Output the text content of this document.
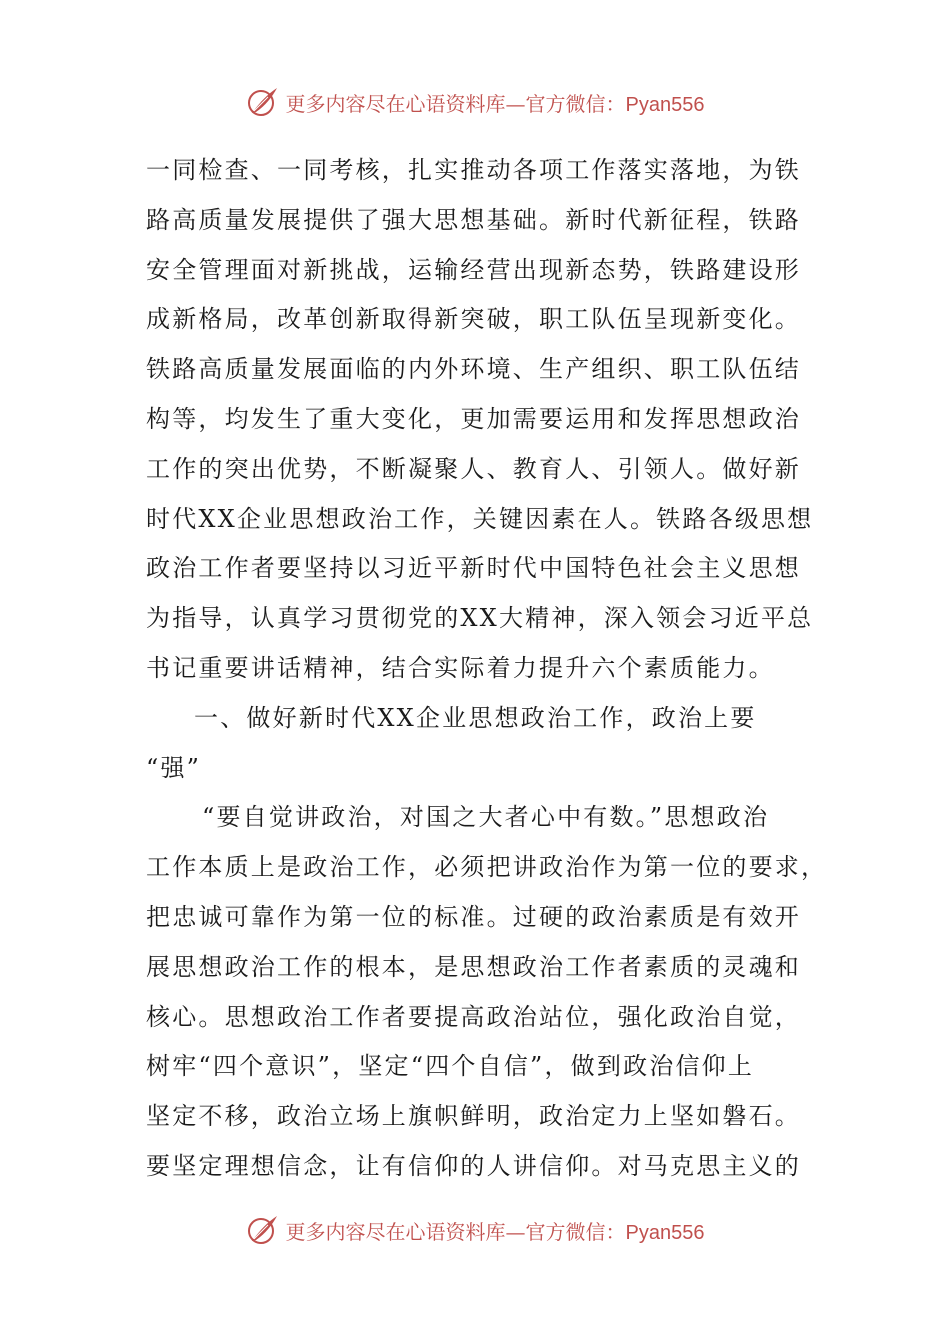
更多内容尽在心语资料库—官方微信：Pyan556
一同检查、一同考核，扎实推动各项工作落实落地，为铁
路高质量发展提供了强大思想基础。新时代新征程，铁路
安全管理面对新挑战，运输经营出现新态势，铁路建设形
成新格局，改革创新取得新突破，职工队伍呈现新变化。
铁路高质量发展面临的内外环境、生产组织、职工队伍结
构等，均发生了重大变化，更加需要运用和发挥思想政治
工作的突出优势，不断凝聚人、教育人、引领人。做好新
时代XX企业思想政治工作，关键因素在人。铁路各级思想
政治工作者要坚持以习近平新时代中国特色社会主义思想
为指导，认真学习贯彻党的XX大精神，深入领会习近平总
书记重要讲话精神，结合实际着力提升六个素质能力。
一、做好新时代XX企业思想政治工作，政治上要
“强”
“要自觉讲政治，对国之大者心中有数。”思想政治
工作本质上是政治工作，必须把讲政治作为第一位的要求，
把忠诚可靠作为第一位的标准。过硬的政治素质是有效开
展思想政治工作的根本，是思想政治工作者素质的灵魂和
核心。思想政治工作者要提高政治站位，强化政治自觉，
树牢“四个意识”，坚定“四个自信”，做到政治信仰上
坚定不移，政治立场上旗帜鲜明，政治定力上坚如磐石。
要坚定理想信念，让有信仰的人讲信仰。对马克思主义的
更多内容尽在心语资料库—官方微信：Pyan556
